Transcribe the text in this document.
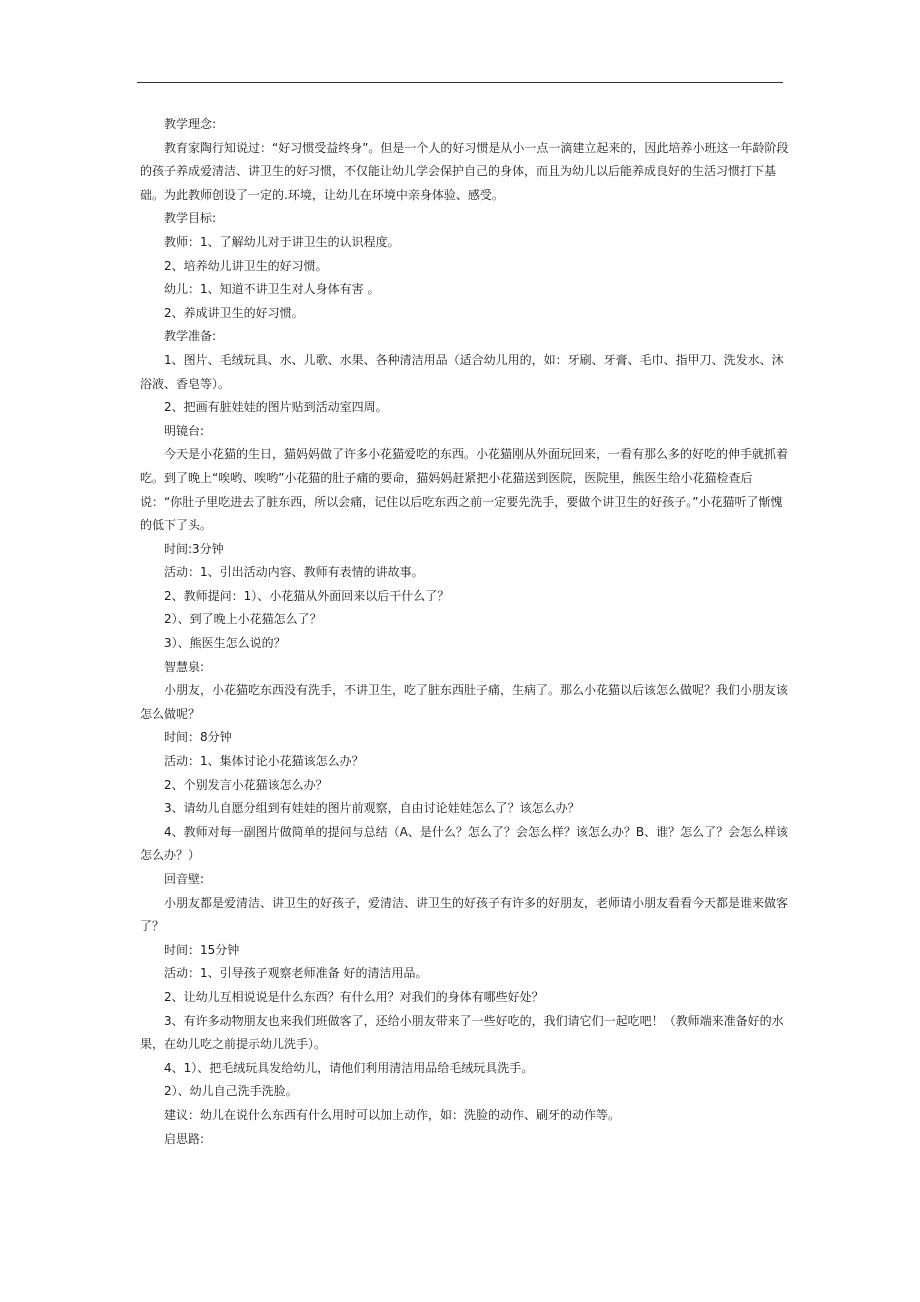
教学理念:

教育家陶行知说过：“好习惯受益终身”。但是一个人的好习惯是从小一点一滴建立起来的，因此培养小班这一年龄阶段的孩子养成爱清洁、讲卫生的好习惯，不仅能让幼儿学会保护自己的身体，而且为幼儿以后能养成良好的生活习惯打下基础。为此教师创设了一定的.环境，让幼儿在环境中亲身体验、感受。

教学目标:

教师：1、了解幼儿对于讲卫生的认识程度。

2、培养幼儿讲卫生的好习惯。

幼儿：1、知道不讲卫生对人身体有害 。

2、养成讲卫生的好习惯。

教学准备:

1、图片、毛绒玩具、水、儿歌、水果、各种清洁用品（适合幼儿用的，如：牙刷、牙膏、毛巾、指甲刀、洗发水、沐浴液、香皂等）。

2、把画有脏娃娃的图片贴到活动室四周。

明镜台:

今天是小花猫的生日，猫妈妈做了许多小花猫爱吃的东西。小花猫刚从外面玩回来，一看有那么多的好吃的伸手就抓着吃。到了晚上“唉哟、唉哟”小花猫的肚子痛的要命，猫妈妈赶紧把小花猫送到医院，医院里，熊医生给小花猫检查后说：“你肚子里吃进去了脏东西，所以会痛，记住以后吃东西之前一定要先洗手，要做个讲卫生的好孩子。”小花猫听了惭愧的低下了头。

时间:3分钟

活动：1、引出活动内容、教师有表情的讲故事。

2、教师提问：1）、小花猫从外面回来以后干什么了？

2）、到了晚上小花猫怎么了？

3）、熊医生怎么说的？

智慧泉:

小朋友，小花猫吃东西没有洗手，不讲卫生，吃了脏东西肚子痛，生病了。那么小花猫以后该怎么做呢？我们小朋友该怎么做呢？

时间：8分钟

活动：1、集体讨论小花猫该怎么办？

2、个别发言小花猫该怎么办？

3、请幼儿自愿分组到有娃娃的图片前观察，自由讨论娃娃怎么了？该怎么办？

4、教师对每一副图片做简单的提问与总结（A、是什么？怎么了？会怎么样？该怎么办？B、谁？怎么了？会怎么样该怎么办？）

回音壁:

小朋友都是爱清洁、讲卫生的好孩子，爱清洁、讲卫生的好孩子有许多的好朋友，老师请小朋友看看今天都是谁来做客了？

时间：15分钟

活动：1、引导孩子观察老师准备 好的清洁用品。

2、让幼儿互相说说是什么东西？有什么用？对我们的身体有哪些好处？

3、有许多动物朋友也来我们班做客了，还给小朋友带来了一些好吃的，我们请它们一起吃吧！（教师端来准备好的水果，在幼儿吃之前提示幼儿洗手）。

4、1）、把毛绒玩具发给幼儿，请他们利用清洁用品给毛绒玩具洗手。

2）、幼儿自己洗手洗脸。

建议：幼儿在说什么东西有什么用时可以加上动作，如：洗脸的动作、刷牙的动作等。

启思路:
